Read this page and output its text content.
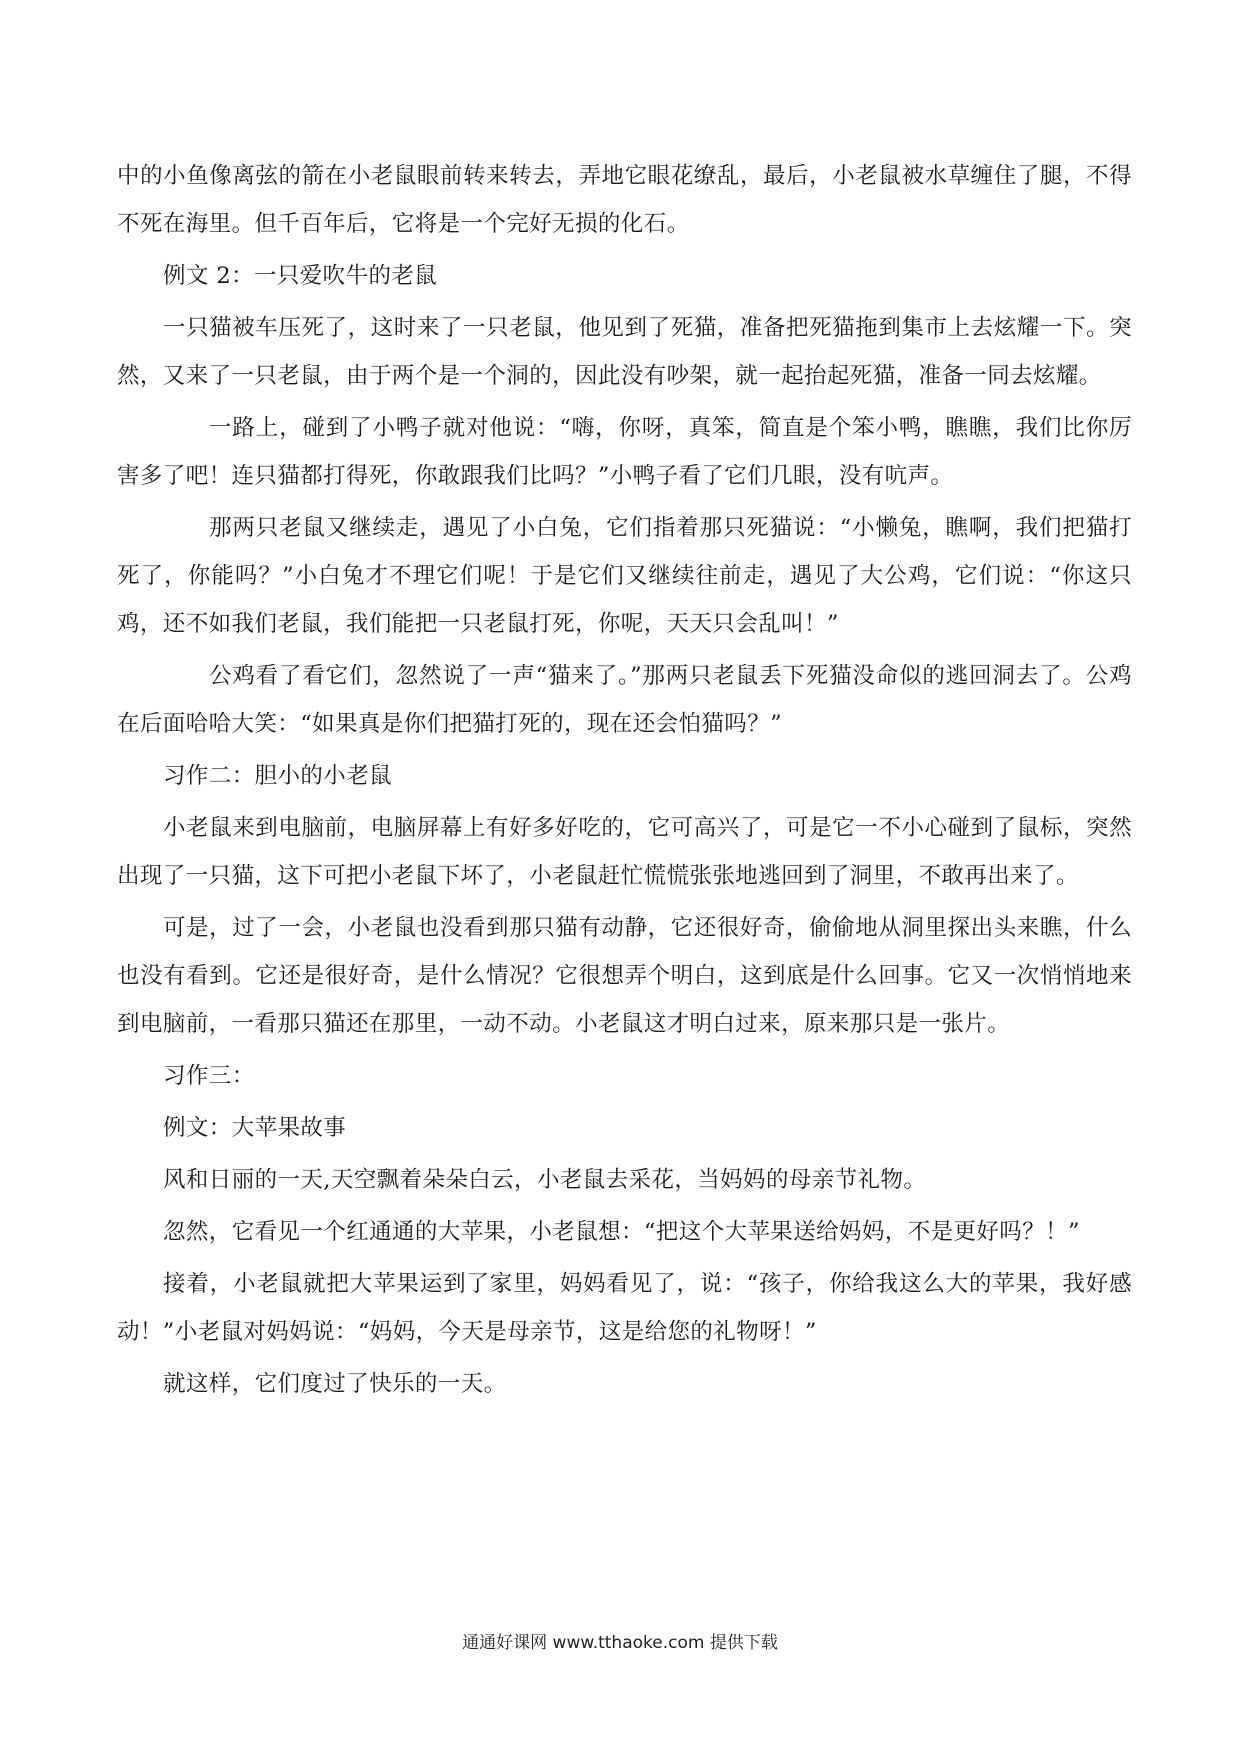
中的小鱼像离弦的箭在小老鼠眼前转来转去，弄地它眼花缭乱，最后，小老鼠被水草缠住了腿，不得不死在海里。但千百年后，它将是一个完好无损的化石。

例文 2：一只爱吹牛的老鼠

一只猫被车压死了，这时来了一只老鼠，他见到了死猫，准备把死猫拖到集市上去炫耀一下。突然，又来了一只老鼠，由于两个是一个洞的，因此没有吵架，就一起抬起死猫，准备一同去炫耀。

一路上，碰到了小鸭子就对他说：“嗨，你呀，真笨，简直是个笨小鸭，瞧瞧，我们比你厉害多了吧！连只猫都打得死，你敢跟我们比吗？”小鸭子看了它们几眼，没有吭声。

那两只老鼠又继续走，遇见了小白兔，它们指着那只死猫说：“小懒兔，瞧啊，我们把猫打死了，你能吗？”小白兔才不理它们呢！于是它们又继续往前走，遇见了大公鸡，它们说：“你这只鸡，还不如我们老鼠，我们能把一只老鼠打死，你呢，天天只会乱叫！”

公鸡看了看它们，忽然说了一声“猫来了。”那两只老鼠丢下死猫没命似的逃回洞去了。公鸡在后面哈哈大笑：“如果真是你们把猫打死的，现在还会怕猫吗？”

习作二：胆小的小老鼠

小老鼠来到电脑前，电脑屏幕上有好多好吃的，它可高兴了，可是它一不小心碰到了鼠标，突然出现了一只猫，这下可把小老鼠下坏了，小老鼠赶忙慌慌张张地逃回到了洞里，不敢再出来了。

可是，过了一会，小老鼠也没看到那只猫有动静，它还很好奇，偷偷地从洞里探出头来瞧，什么也没有看到。它还是很好奇，是什么情况？它很想弄个明白，这到底是什么回事。它又一次悄悄地来到电脑前，一看那只猫还在那里，一动不动。小老鼠这才明白过来，原来那只是一张片。

习作三：

例文：大苹果故事

风和日丽的一天,天空飘着朵朵白云，小老鼠去采花，当妈妈的母亲节礼物。

忽然，它看见一个红通通的大苹果，小老鼠想：“把这个大苹果送给妈妈，不是更好吗？！”

接着，小老鼠就把大苹果运到了家里，妈妈看见了，说：“孩子，你给我这么大的苹果，我好感动！”小老鼠对妈妈说：“妈妈，今天是母亲节，这是给您的礼物呀！”

就这样，它们度过了快乐的一天。

通通好课网 www.tthaoke.com 提供下载
